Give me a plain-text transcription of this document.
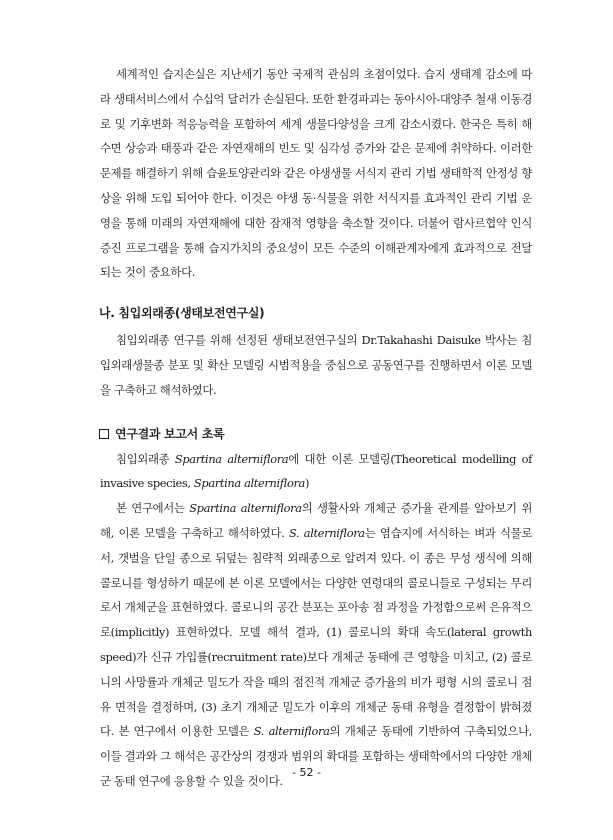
세계적인 습지손실은 지난세기 동안 국제적 관심의 초점이었다. 습지 생태계 감소에 따라 생태서비스에서 수십억 달러가 손실된다. 또한 환경파괴는 동아시아-대양주 철새 이동경로 및 기후변화 적응능력을 포함하여 세계 생물다양성을 크게 감소시켰다. 한국은 특히 해수면 상승과 태풍과 같은 자연재해의 빈도 및 심각성 증가와 같은 문제에 취약하다. 이러한 문제를 해결하기 위해 습윤토양관리와 같은 야생생물 서식지 관리 기법 생태학적 안정성 향상을 위해 도입 되어야 한다. 이것은 야생 동·식물을 위한 서식지를 효과적인 관리 기법 운영을 통해 미래의 자연재해에 대한 잠재적 영향을 축소할 것이다. 더불어 람사르협약 인식증진 프로그램을 통해 습지가치의 중요성이 모든 수준의 이해관계자에게 효과적으로 전달되는 것이 중요하다.

나. 침입외래종(생태보전연구실)

침입외래종 연구를 위해 선정된 생태보전연구실의 Dr.Takahashi Daisuke 박사는 침입외래생물종 분포 및 확산 모델링 시범적용을 중심으로 공동연구를 진행하면서 이론 모델을 구축하고 해석하였다.

연구결과 보고서 초록

침입외래종 Spartina alterniflora에 대한 이론 모델링(Theoretical modelling of invasive species, Spartina alterniflora)

본 연구에서는 Spartina alterniflora의 생활사와 개체군 증가율 관계를 알아보기 위해, 이론 모델을 구축하고 해석하였다. S. alterniflora는 염습지에 서식하는 벼과 식물로서, 갯벌을 단일 종으로 뒤덮는 침략적 외래종으로 알려져 있다. 이 종은 무성 생식에 의해 콜로니를 형성하기 때문에 본 이론 모델에서는 다양한 연령대의 콜로니들로 구성되는 무리로서 개체군을 표현하였다. 콜로니의 공간 분포는 포아송 점 과정을 가정함으로써 은유적으로(implicitly) 표현하였다. 모델 해석 결과, (1) 콜로니의 확대 속도(lateral growth speed)가 신규 가입률(recruitment rate)보다 개체군 동태에 큰 영향을 미치고, (2) 콜로니의 사망률과 개체군 밀도가 작을 때의 점진적 개체군 증가율의 비가 평형 시의 콜로니 점유 면적을 결정하며, (3) 초기 개체군 밀도가 이후의 개체군 동태 유형을 결정함이 밝혀졌다. 본 연구에서 이용한 모델은 S. alterniflora의 개체군 동태에 기반하여 구축되었으나, 이들 결과와 그 해석은 공간상의 경쟁과 범위의 확대를 포함하는 생태학에서의 다양한 개체군 동태 연구에 응용할 수 있을 것이다.

- 52 -
